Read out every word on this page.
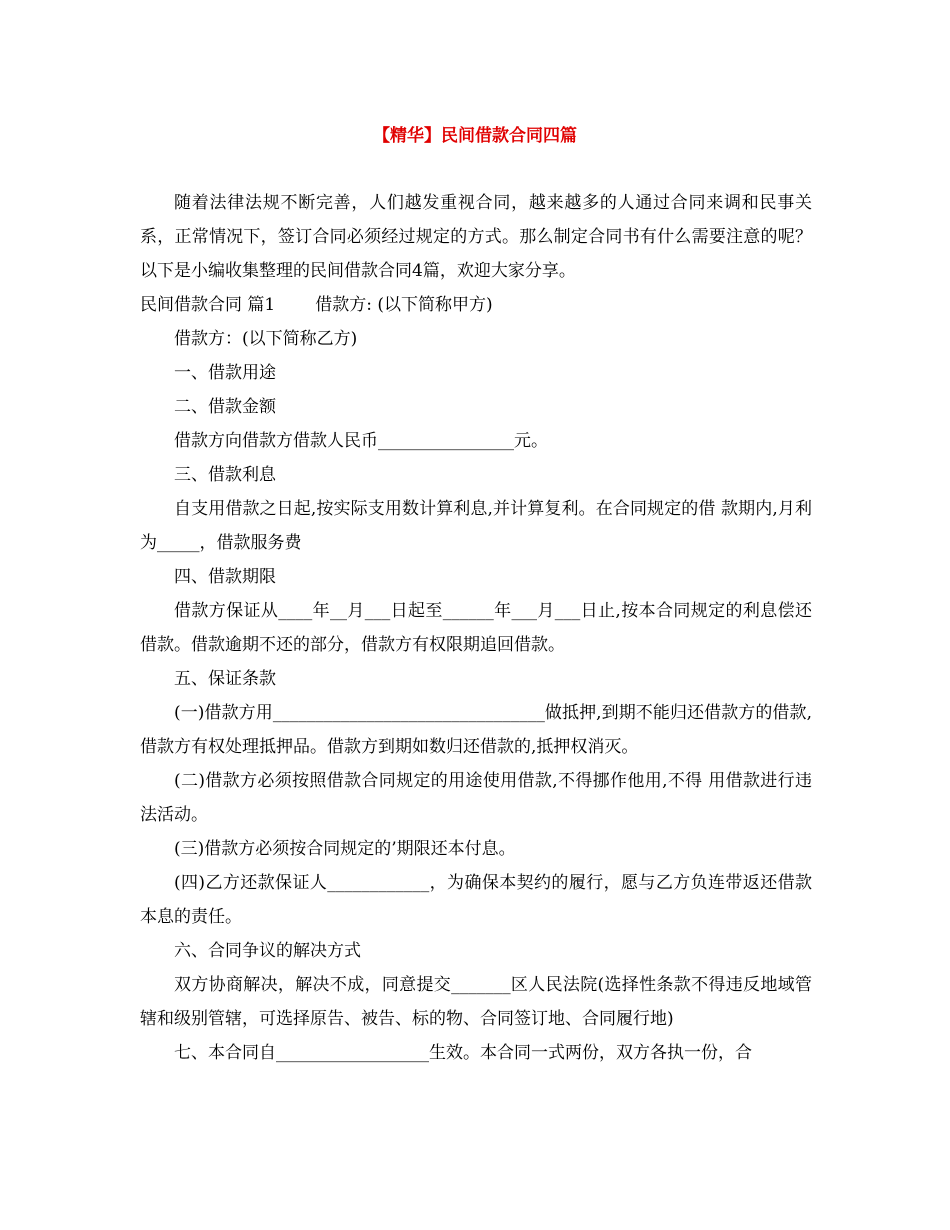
【精华】民间借款合同四篇

随着法律法规不断完善，人们越发重视合同，越来越多的人通过合同来调和民事关系，正常情况下，签订合同必须经过规定的方式。那么制定合同书有什么需要注意的呢？以下是小编收集整理的民间借款合同4篇，欢迎大家分享。

民间借款合同 篇1 借款方: (以下简称甲方)

借款方：(以下简称乙方)

一、借款用途

二、借款金额

借款方向借款方借款人民币________________元。

三、借款利息

自支用借款之日起,按实际支用数计算利息,并计算复利。在合同规定的借 款期内,月利为_____，借款服务费

四、借款期限

借款方保证从____年__月___日起至______年___月___日止,按本合同规定的利息偿还借款。借款逾期不还的部分，借款方有权限期追回借款。

五、保证条款

(一)借款方用________________________________做抵押,到期不能归还借款方的借款,借款方有权处理抵押品。借款方到期如数归还借款的,抵押权消灭。

(二)借款方必须按照借款合同规定的用途使用借款,不得挪作他用,不得 用借款进行违法活动。

(三)借款方必须按合同规定的’期限还本付息。

(四)乙方还款保证人____________，为确保本契约的履行，愿与乙方负连带返还借款本息的责任。

六、合同争议的解决方式

双方协商解决，解决不成，同意提交_______区人民法院(选择性条款不得违反地域管辖和级别管辖，可选择原告、被告、标的物、合同签订地、合同履行地)

七、本合同自__________________生效。本合同一式两份，双方各执一份，合
